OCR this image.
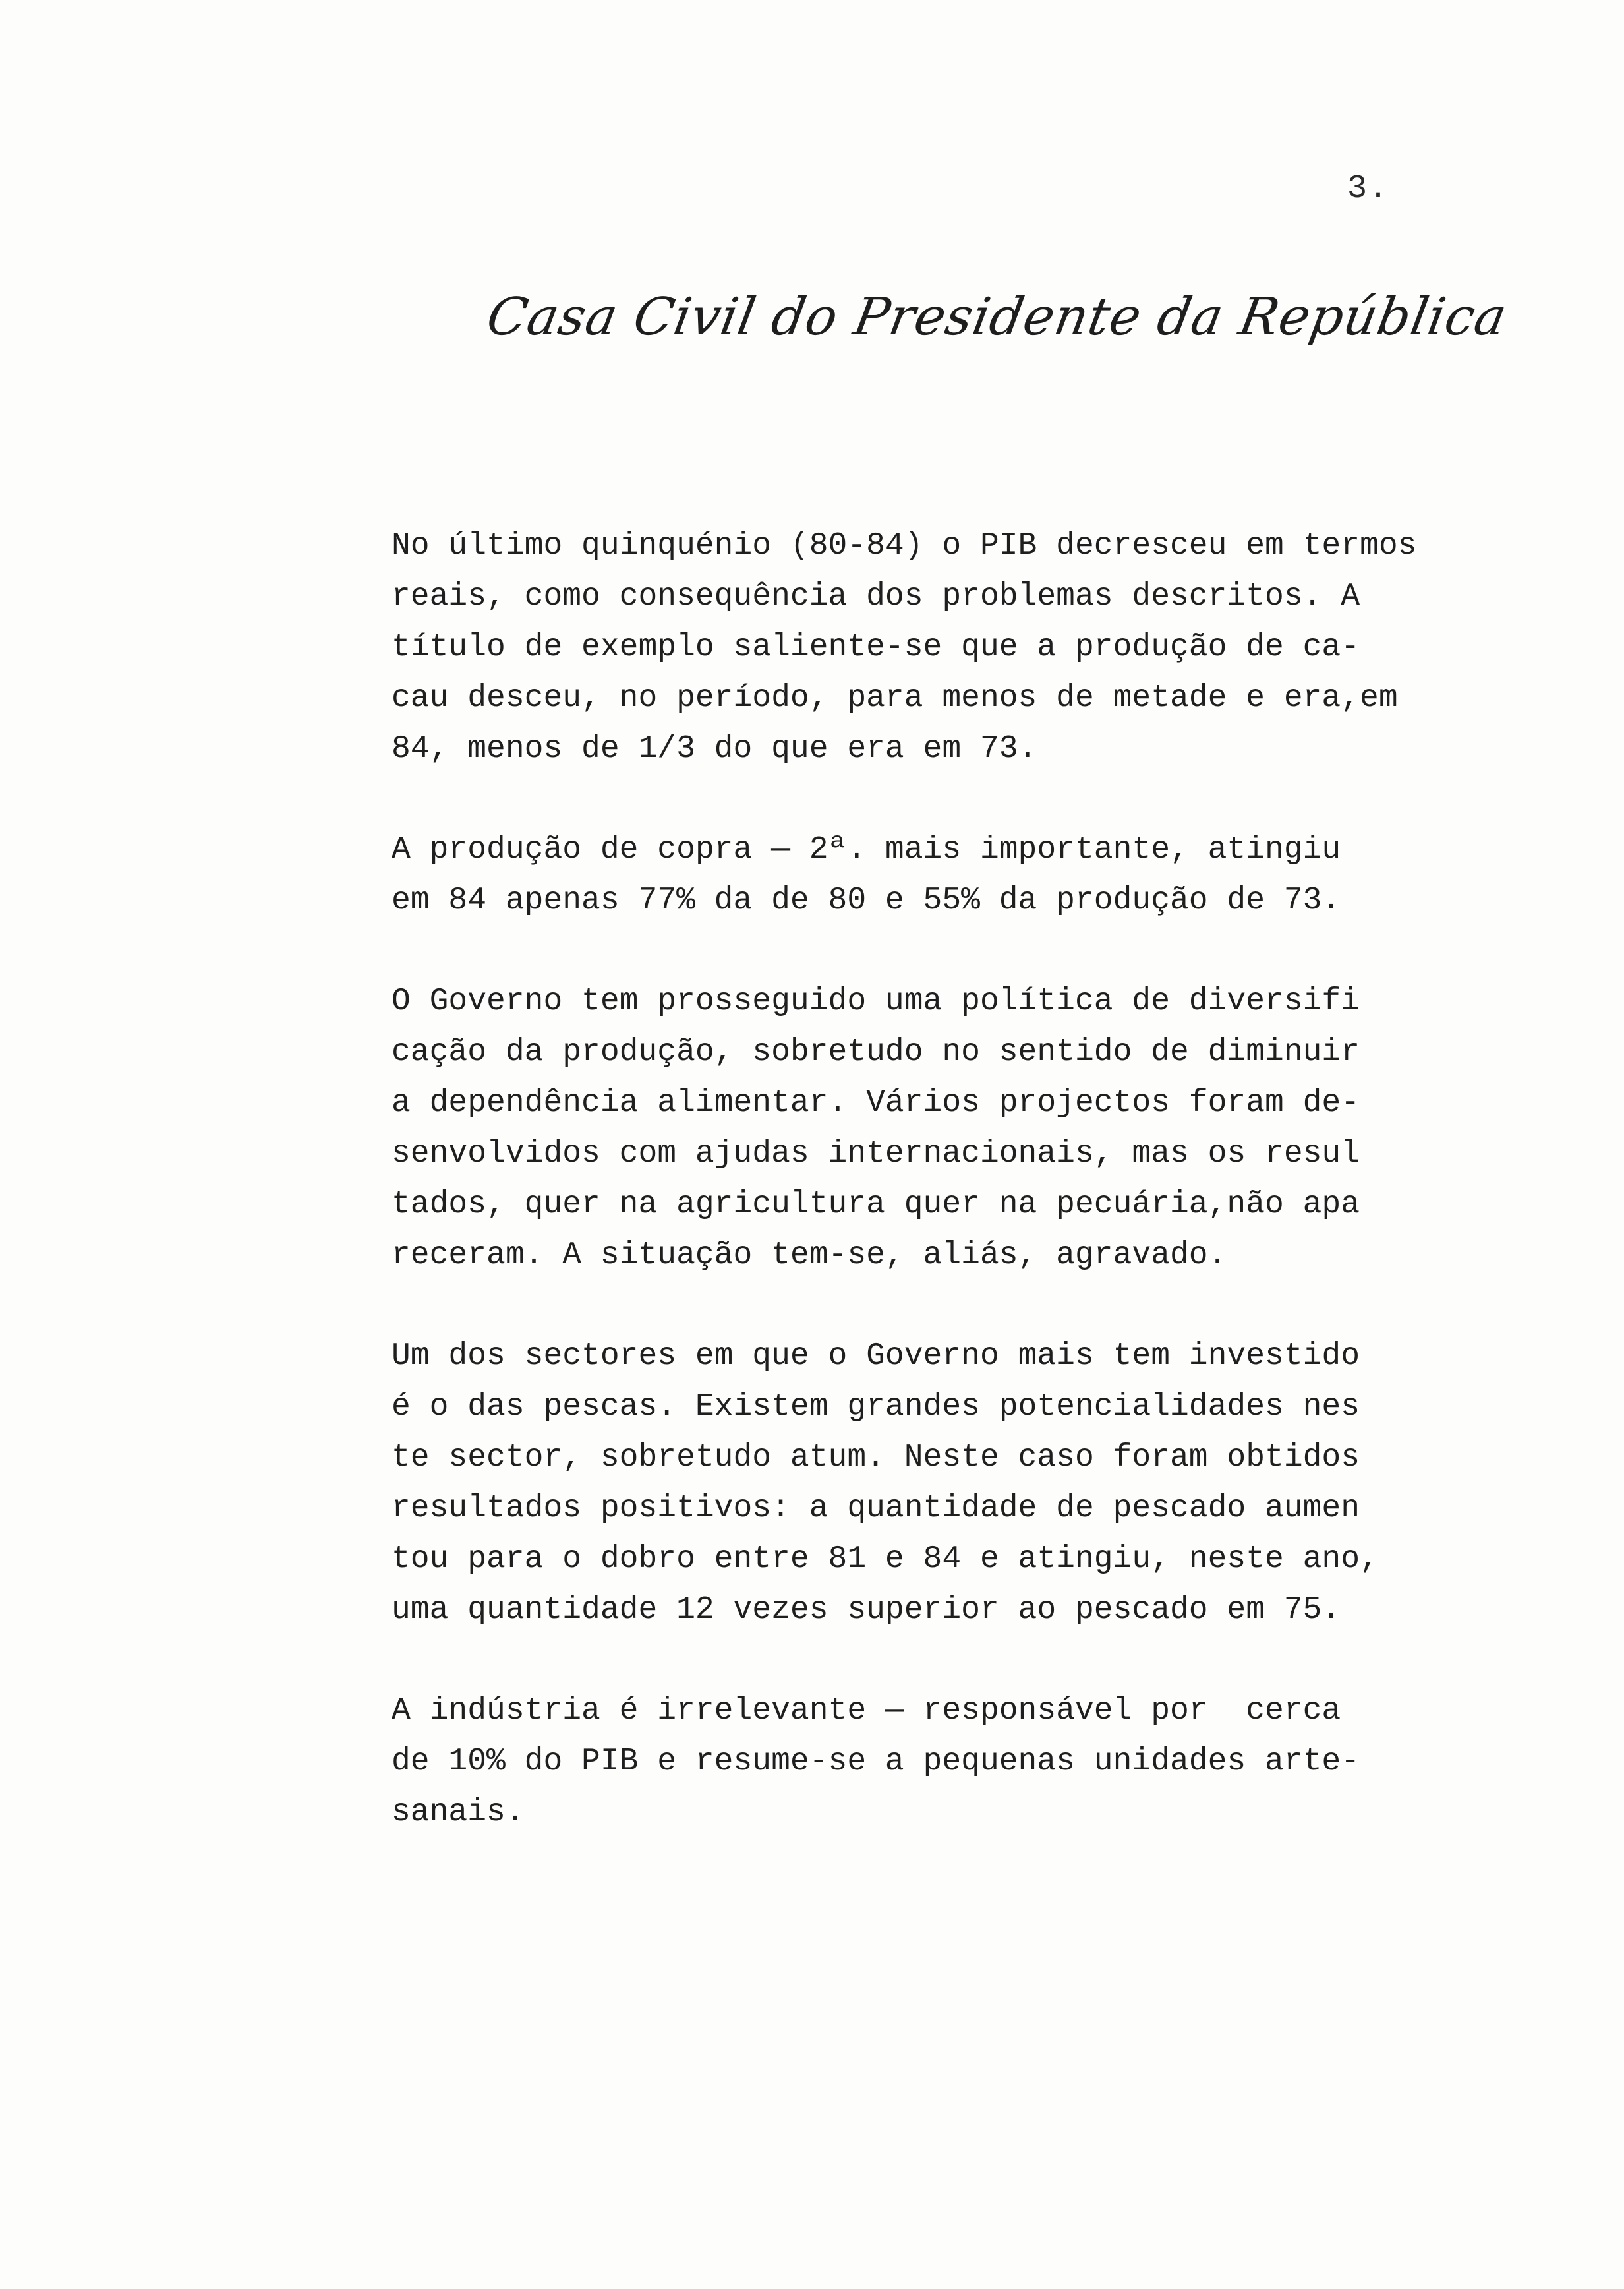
3.
Casa Civil do Presidente da República

No último quinquénio (80-84) o PIB decresceu em termos
reais, como consequência dos problemas descritos. A
título de exemplo saliente-se que a produção de ca-
cau desceu, no período, para menos de metade e era,em
84, menos de 1/3 do que era em 73.

A produção de copra — 2ª. mais importante, atingiu
em 84 apenas 77% da de 80 e 55% da produção de 73.

O Governo tem prosseguido uma política de diversifi
cação da produção, sobretudo no sentido de diminuir
a dependência alimentar. Vários projectos foram de-
senvolvidos com ajudas internacionais, mas os resul
tados, quer na agricultura quer na pecuária,não apa
receram. A situação tem-se, aliás, agravado.

Um dos sectores em que o Governo mais tem investido
é o das pescas. Existem grandes potencialidades nes
te sector, sobretudo atum. Neste caso foram obtidos
resultados positivos: a quantidade de pescado aumen
tou para o dobro entre 81 e 84 e atingiu, neste ano,
uma quantidade 12 vezes superior ao pescado em 75.

A indústria é irrelevante — responsável por  cerca
de 10% do PIB e resume-se a pequenas unidades arte-
sanais.
